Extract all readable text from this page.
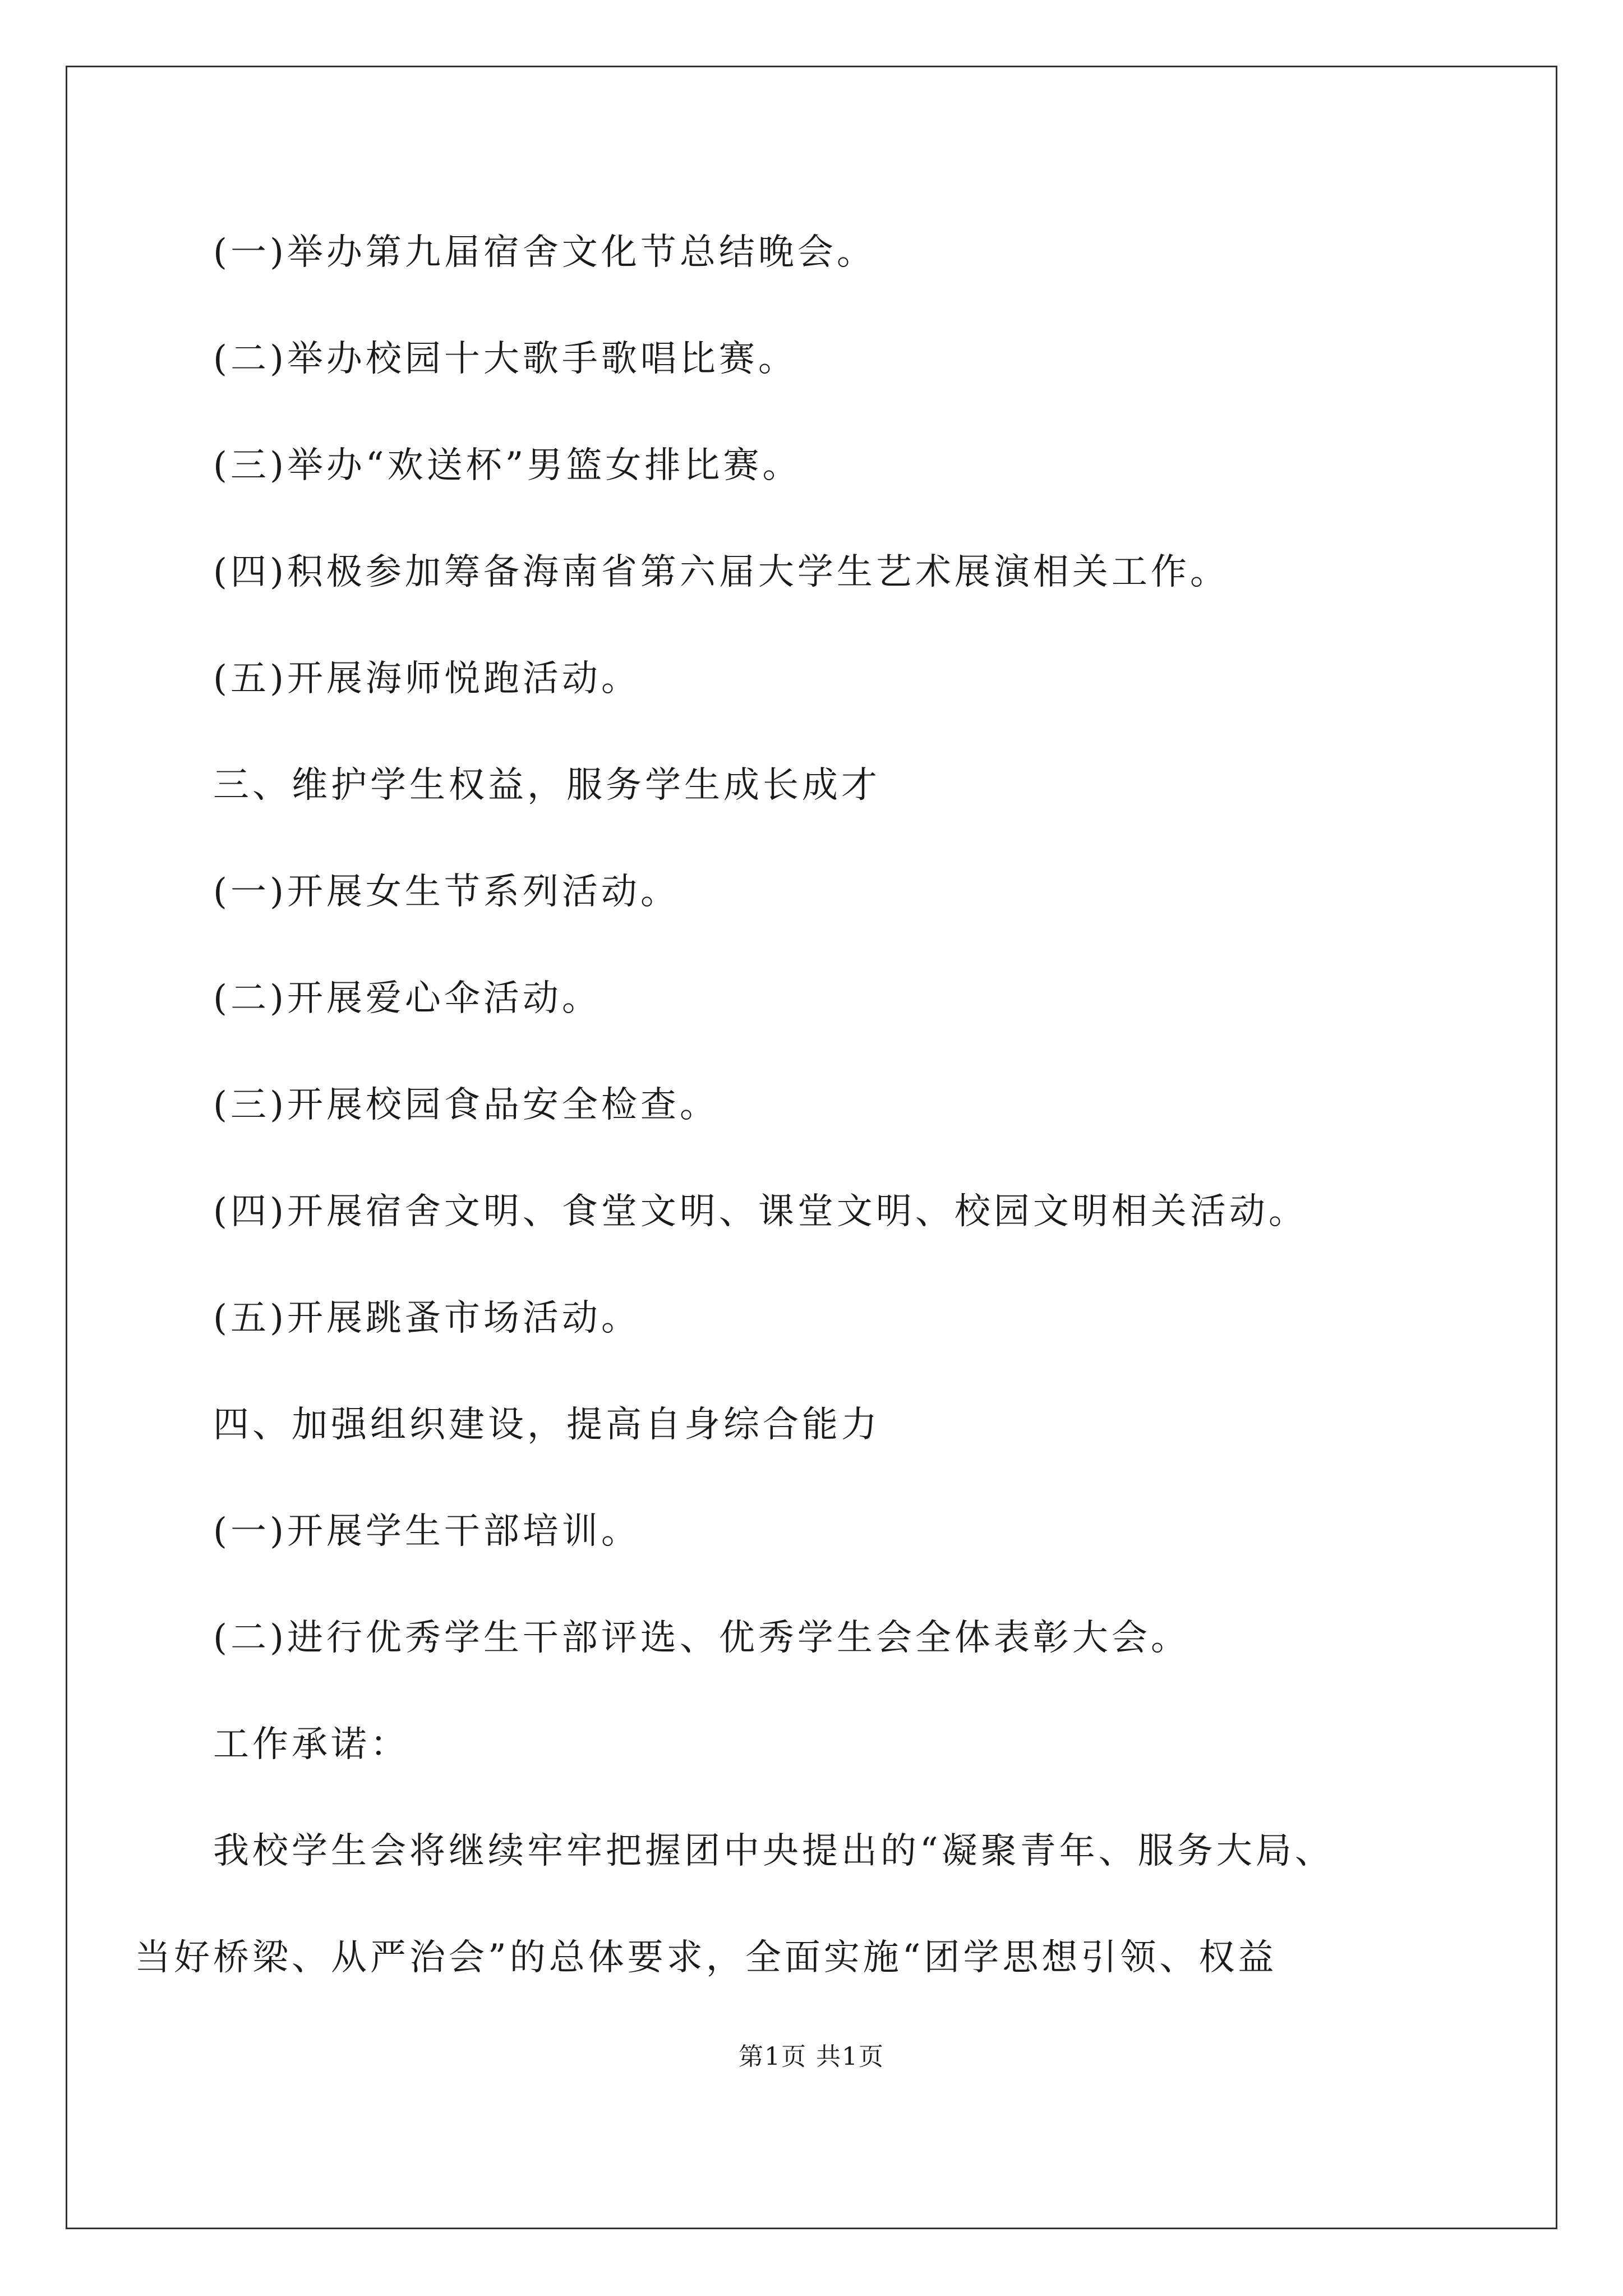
(一)举办第九届宿舍文化节总结晚会。
(二)举办校园十大歌手歌唱比赛。
(三)举办“欢送杯”男篮女排比赛。
(四)积极参加筹备海南省第六届大学生艺术展演相关工作。
(五)开展海师悦跑活动。
三、维护学生权益，服务学生成长成才
(一)开展女生节系列活动。
(二)开展爱心伞活动。
(三)开展校园食品安全检查。
(四)开展宿舍文明、食堂文明、课堂文明、校园文明相关活动。
(五)开展跳蚤市场活动。
四、加强组织建设，提高自身综合能力
(一)开展学生干部培训。
(二)进行优秀学生干部评选、优秀学生会全体表彰大会。
工作承诺：
我校学生会将继续牢牢把握团中央提出的“凝聚青年、服务大局、
当好桥梁、从严治会”的总体要求，全面实施“团学思想引领、权益
第1页 共1页
